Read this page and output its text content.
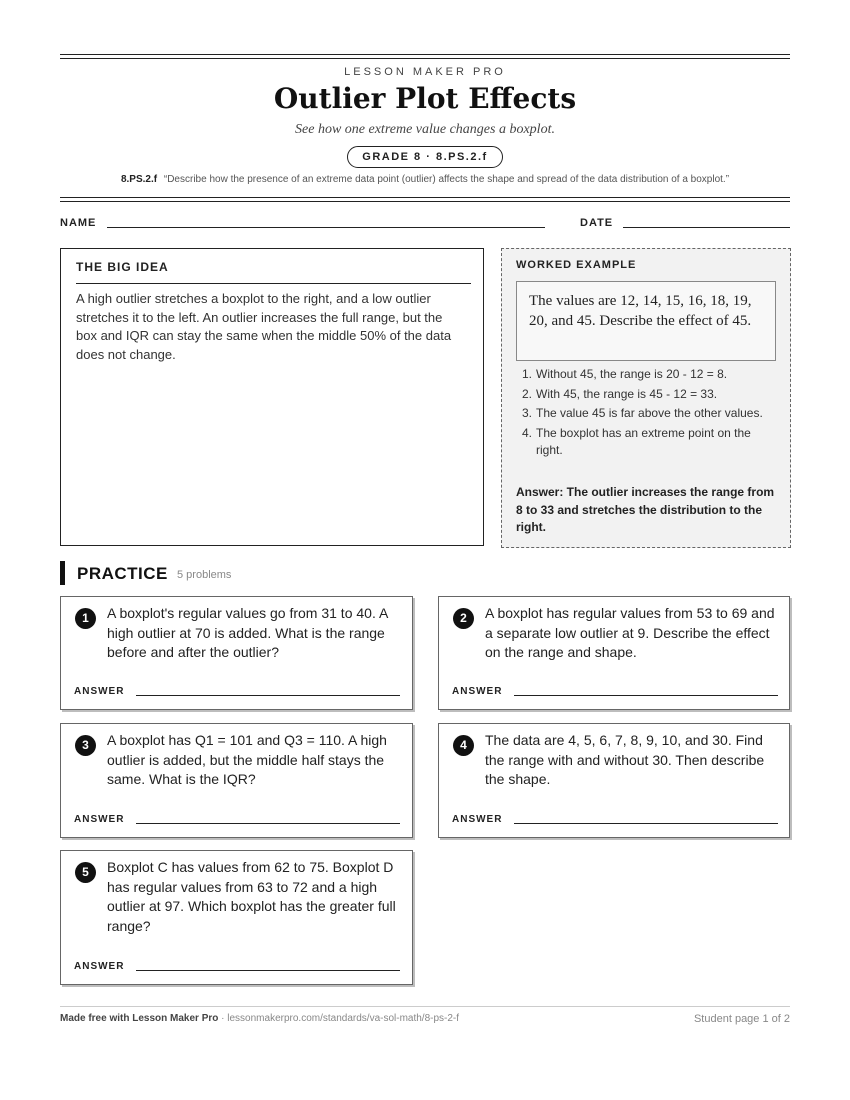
LESSON MAKER PRO
Outlier Plot Effects
See how one extreme value changes a boxplot.
GRADE 8 · 8.PS.2.f
8.PS.2.f “Describe how the presence of an extreme data point (outlier) affects the shape and spread of the data distribution of a boxplot.”
NAME	DATE
THE BIG IDEA
A high outlier stretches a boxplot to the right, and a low outlier stretches it to the left. An outlier increases the full range, but the box and IQR can stay the same when the middle 50% of the data does not change.
WORKED EXAMPLE
The values are 12, 14, 15, 16, 18, 19, 20, and 45. Describe the effect of 45.
1. Without 45, the range is 20 - 12 = 8.
2. With 45, the range is 45 - 12 = 33.
3. The value 45 is far above the other values.
4. The boxplot has an extreme point on the right.
Answer: The outlier increases the range from 8 to 33 and stretches the distribution to the right.
PRACTICE 5 problems
1	A boxplot's regular values go from 31 to 40. A high outlier at 70 is added. What is the range before and after the outlier?
ANSWER
2	A boxplot has regular values from 53 to 69 and a separate low outlier at 9. Describe the effect on the range and shape.
ANSWER
3	A boxplot has Q1 = 101 and Q3 = 110. A high outlier is added, but the middle half stays the same. What is the IQR?
ANSWER
4	The data are 4, 5, 6, 7, 8, 9, 10, and 30. Find the range with and without 30. Then describe the shape.
ANSWER
5	Boxplot C has values from 62 to 75. Boxplot D has regular values from 63 to 72 and a high outlier at 97. Which boxplot has the greater full range?
ANSWER
Made free with Lesson Maker Pro · lessonmakerpro.com/standards/va-sol-math/8-ps-2-f	Student page 1 of 2
